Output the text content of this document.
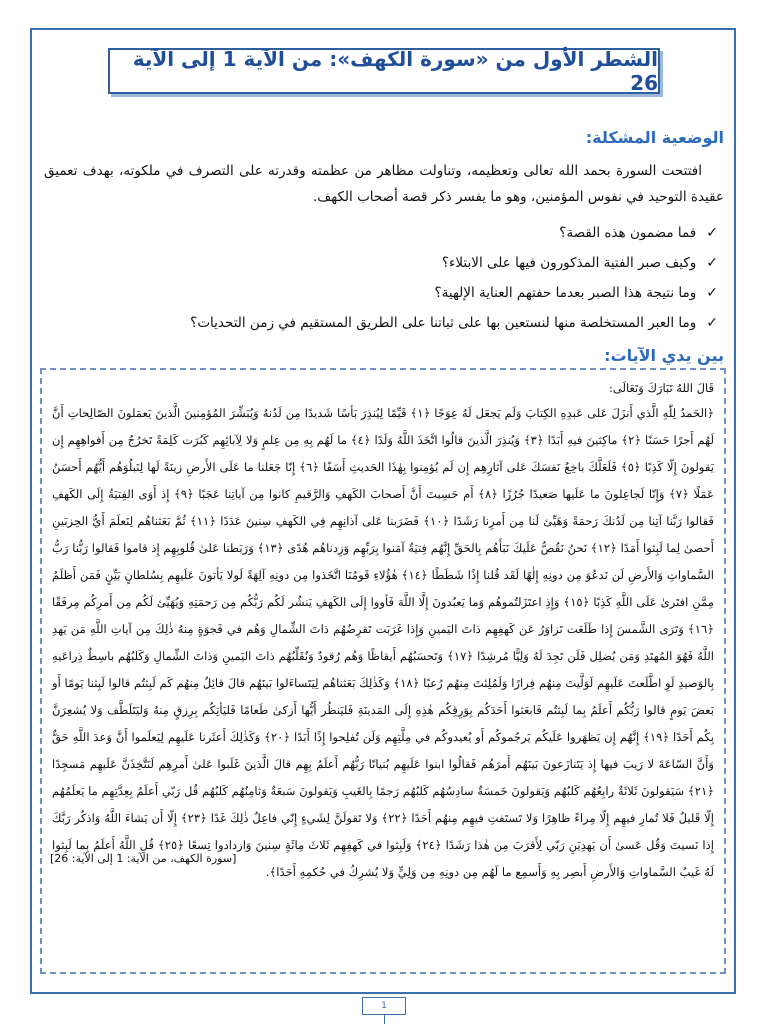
الشطر الأول من «سورة الكهف»: من الآية 1 إلى الآية 26
الوضعية المشكلة:

افتتحت السورة بحمد الله تعالى وتعظيمه، وتناولت مظاهر من عظمته وقدرته على التصرف في ملكوته، بهدف تعميق عقيدة التوحيد في نفوس المؤمنين، وهو ما يفسر ذكر قصة أصحاب الكهف.

✓
فما مضمون هذه القصة؟
✓
وكيف صبر الفتية المذكورون فيها على الابتلاء؟
✓
وما نتيجة هذا الصبر بعدما حفتهم العناية الإلهية؟
✓
وما العبر المستخلصة منها لنستعين بها على ثباتنا على الطريق المستقيم في زمن التحديات؟
بين يدي الآيات:

قَالَ اللهُ تَبَارَكَ وَتَعَالَى:

﴿الحَمدُ لِلّٰهِ الَّذي أَنزَلَ عَلى عَبدِهِ الكِتابَ وَلَم يَجعَل لَهُ عِوَجًا ﴿١﴾ قَيِّمًا لِيُنذِرَ بَأسًا شَديدًا مِن لَدُنهُ وَيُبَشِّرَ المُؤمِنينَ الَّذينَ يَعمَلونَ الصّالِحاتِ أَنَّ لَهُم أَجرًا حَسَنًا ﴿٢﴾ ماكِثينَ فيهِ أَبَدًا ﴿٣﴾ وَيُنذِرَ الَّذينَ قالُوا اتَّخَذَ اللَّهُ وَلَدًا ﴿٤﴾ ما لَهُم بِهِ مِن عِلمٍ وَلا لِآبائِهِم كَبُرَت كَلِمَةً تَخرُجُ مِن أَفواهِهِم إِن يَقولونَ إِلّا كَذِبًا ﴿٥﴾ فَلَعَلَّكَ باخِعٌ نَفسَكَ عَلى آثارِهِم إِن لَم يُؤمِنوا بِهٰذَا الحَديثِ أَسَفًا ﴿٦﴾ إِنّا جَعَلنا ما عَلَى الأَرضِ زينَةً لَها لِنَبلُوَهُم أَيُّهُم أَحسَنُ عَمَلًا ﴿٧﴾ وَإِنّا لَجاعِلونَ ما عَلَيها صَعيدًا جُرُزًا ﴿٨﴾ أَم حَسِبتَ أَنَّ أَصحابَ الكَهفِ وَالرَّقيمِ كانوا مِن آياتِنا عَجَبًا ﴿٩﴾ إِذ أَوَى الفِتيَةُ إِلَى الكَهفِ فَقالوا رَبَّنا آتِنا مِن لَدُنكَ رَحمَةً وَهَيِّئ لَنا مِن أَمرِنا رَشَدًا ﴿١٠﴾ فَضَرَبنا عَلى آذانِهِم فِي الكَهفِ سِنينَ عَدَدًا ﴿١١﴾ ثُمَّ بَعَثناهُم لِنَعلَمَ أَيُّ الحِزبَينِ أَحصىٰ لِما لَبِثوا أَمَدًا ﴿١٢﴾ نَحنُ نَقُصُّ عَلَيكَ نَبَأَهُم بِالحَقِّ إِنَّهُم فِتيَةٌ آمَنوا بِرَبِّهِم وَزِدناهُم هُدًى ﴿١٣﴾ وَرَبَطنا عَلىٰ قُلوبِهِم إِذ قاموا فَقالوا رَبُّنا رَبُّ السَّماواتِ وَالأَرضِ لَن نَدعُوَ مِن دونِهِ إِلٰهًا لَقَد قُلنا إِذًا شَطَطًا ﴿١٤﴾ هٰؤُلاءِ قَومُنَا اتَّخَذوا مِن دونِهِ آلِهَةً لَولا يَأتونَ عَلَيهِم بِسُلطانٍ بَيِّنٍ فَمَن أَظلَمُ مِمَّنِ افتَرىٰ عَلَى اللَّهِ كَذِبًا ﴿١٥﴾ وَإِذِ اعتَزَلتُموهُم وَما يَعبُدونَ إِلَّا اللَّهَ فَأووا إِلَى الكَهفِ يَنشُر لَكُم رَبُّكُم مِن رَحمَتِهِ وَيُهَيِّئ لَكُم مِن أَمرِكُم مِرفَقًا ﴿١٦﴾ وَتَرَى الشَّمسَ إِذا طَلَعَت تَزاوَرُ عَن كَهفِهِم ذاتَ اليَمينِ وَإِذا غَرَبَت تَقرِضُهُم ذاتَ الشِّمالِ وَهُم في فَجوَةٍ مِنهُ ذٰلِكَ مِن آياتِ اللَّهِ مَن يَهدِ اللَّهُ فَهُوَ المُهتَدِ وَمَن يُضلِل فَلَن تَجِدَ لَهُ وَلِيًّا مُرشِدًا ﴿١٧﴾ وَتَحسَبُهُم أَيقاظًا وَهُم رُقودٌ وَنُقَلِّبُهُم ذاتَ اليَمينِ وَذاتَ الشِّمالِ وَكَلبُهُم باسِطٌ ذِراعَيهِ بِالوَصيدِ لَوِ اطَّلَعتَ عَلَيهِم لَوَلَّيتَ مِنهُم فِرارًا وَلَمُلِئتَ مِنهُم رُعبًا ﴿١٨﴾ وَكَذٰلِكَ بَعَثناهُم لِيَتَساءَلوا بَينَهُم قالَ قائِلٌ مِنهُم كَم لَبِثتُم قالوا لَبِثنا يَومًا أَو بَعضَ يَومٍ قالوا رَبُّكُم أَعلَمُ بِما لَبِثتُم فَابعَثوا أَحَدَكُم بِوَرِقِكُم هٰذِهِ إِلَى المَدينَةِ فَليَنظُر أَيُّها أَزكىٰ طَعامًا فَليَأتِكُم بِرِزقٍ مِنهُ وَليَتَلَطَّف وَلا يُشعِرَنَّ بِكُم أَحَدًا ﴿١٩﴾ إِنَّهُم إِن يَظهَروا عَلَيكُم يَرجُموكُم أَو يُعيدوكُم في مِلَّتِهِم وَلَن تُفلِحوا إِذًا أَبَدًا ﴿٢٠﴾ وَكَذٰلِكَ أَعثَرنا عَلَيهِم لِيَعلَموا أَنَّ وَعدَ اللَّهِ حَقٌّ وَأَنَّ السّاعَةَ لا رَيبَ فيها إِذ يَتَنازَعونَ بَينَهُم أَمرَهُم فَقالُوا ابنوا عَلَيهِم بُنيانًا رَبُّهُم أَعلَمُ بِهِم قالَ الَّذينَ غَلَبوا عَلىٰ أَمرِهِم لَنَتَّخِذَنَّ عَلَيهِم مَسجِدًا ﴿٢١﴾ سَيَقولونَ ثَلاثَةٌ رابِعُهُم كَلبُهُم وَيَقولونَ خَمسَةٌ سادِسُهُم كَلبُهُم رَجمًا بِالغَيبِ وَيَقولونَ سَبعَةٌ وَثامِنُهُم كَلبُهُم قُل رَبّي أَعلَمُ بِعِدَّتِهِم ما يَعلَمُهُم إِلّا قَليلٌ فَلا تُمارِ فيهِم إِلّا مِراءً ظاهِرًا وَلا تَستَفتِ فيهِم مِنهُم أَحَدًا ﴿٢٢﴾ وَلا تَقولَنَّ لِشَيءٍ إِنّي فاعِلٌ ذٰلِكَ غَدًا ﴿٢٣﴾ إِلّا أَن يَشاءَ اللَّهُ وَاذكُر رَبَّكَ إِذا نَسيتَ وَقُل عَسىٰ أَن يَهدِيَنِ رَبّي لِأَقرَبَ مِن هٰذا رَشَدًا ﴿٢٤﴾ وَلَبِثوا في كَهفِهِم ثَلاثَ مِائَةٍ سِنينَ وَازدادوا تِسعًا ﴿٢٥﴾ قُلِ اللَّهُ أَعلَمُ بِما لَبِثوا لَهُ غَيبُ السَّماواتِ وَالأَرضِ أَبصِر بِهِ وَأَسمِع ما لَهُم مِن دونِهِ مِن وَلِيٍّ وَلا يُشرِكُ في حُكمِهِ أَحَدًا﴾.

[سورة الكهف، من الآية: 1 إلى الآية: 26]
1
